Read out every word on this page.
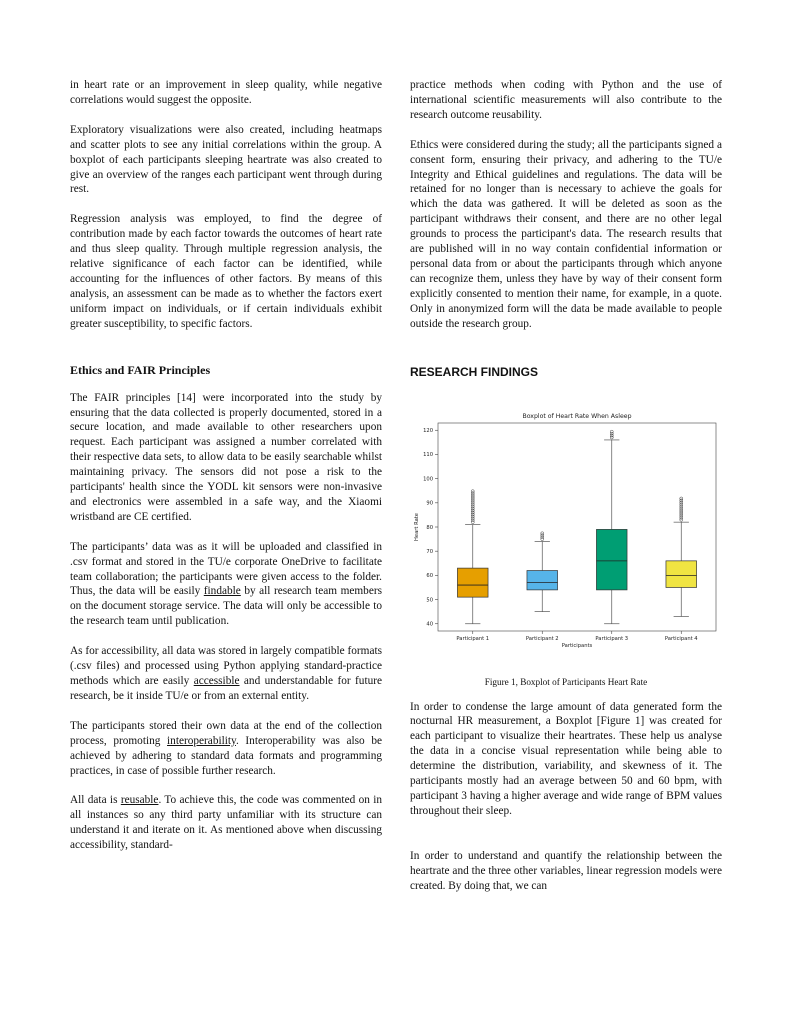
in heart rate or an improvement in sleep quality, while negative correlations would suggest the opposite.

Exploratory visualizations were also created, including heatmaps and scatter plots to see any initial correlations within the group. A boxplot of each participants sleeping heartrate was also created to give an overview of the ranges each participant went through during rest.

Regression analysis was employed, to find the degree of contribution made by each factor towards the outcomes of heart rate and thus sleep quality. Through multiple regression analysis, the relative significance of each factor can be identified, while accounting for the influences of other factors. By means of this analysis, an assessment can be made as to whether the factors exert uniform impact on individuals, or if certain individuals exhibit greater susceptibility, to specific factors.

Ethics and FAIR Principles

The FAIR principles [14] were incorporated into the study by ensuring that the data collected is properly documented, stored in a secure location, and made available to other researchers upon request. Each participant was assigned a number correlated with their respective data sets, to allow data to be easily searchable whilst maintaining privacy. The sensors did not pose a risk to the participants' health since the YODL kit sensors were non-invasive and electronics were assembled in a safe way, and the Xiaomi wristband are CE certified.

The participants’ data was as it will be uploaded and classified in .csv format and stored in the TU/e corporate OneDrive to facilitate team collaboration; the participants were given access to the folder. Thus, the data will be easily findable by all research team members on the document storage service. The data will only be accessible to the research team until publication.

As for accessibility, all data was stored in largely compatible formats (.csv files) and processed using Python applying standard-practice methods which are easily accessible and understandable for future research, be it inside TU/e or from an external entity.

The participants stored their own data at the end of the collection process, promoting interoperability. Interoperability was also be achieved by adhering to standard data formats and programming practices, in case of possible further research.

All data is reusable. To achieve this, the code was commented on in all instances so any third party unfamiliar with its structure can understand it and iterate on it. As mentioned above when discussing accessibility, standard-

practice methods when coding with Python and the use of international scientific measurements will also contribute to the research outcome reusability.

Ethics were considered during the study; all the participants signed a consent form, ensuring their privacy, and adhering to the TU/e Integrity and Ethical guidelines and regulations. The data will be retained for no longer than is necessary to achieve the goals for which the data was gathered. It will be deleted as soon as the participant withdraws their consent, and there are no other legal grounds to process the participant's data. The research results that are published will in no way contain confidential information or personal data from or about the participants through which anyone can recognize them, unless they have by way of their consent form explicitly consented to mention their name, for example, in a quote. Only in anonymized form will the data be made available to people outside the research group.

RESEARCH FINDINGS
Boxplot of Heart Rate When Asleep
40
50
60
70
80
90
100
110
120
Heart Rate
Participants
Participant 1	Participant 2	Participant 3	Participant 4
Figure 1, Boxplot of Participants Heart Rate

In order to condense the large amount of data generated form the nocturnal HR measurement, a Boxplot [Figure 1] was created for each participant to visualize their heartrates. These help us analyse the data in a concise visual representation while being able to determine the distribution, variability, and skewness of it. The participants mostly had an average between 50 and 60 bpm, with participant 3 having a higher average and wide range of BPM values throughout their sleep.

In order to understand and quantify the relationship between the heartrate and the three other variables, linear regression models were created. By doing that, we can
